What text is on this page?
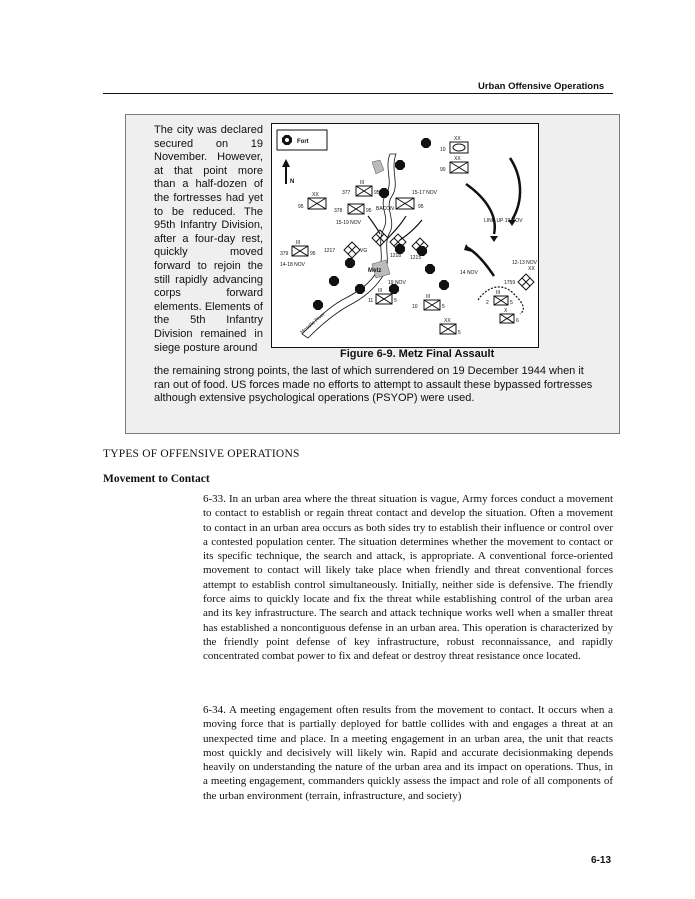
Urban Offensive Operations
The city was declared secured on 19 November. However, at that point more than a half-dozen of the fortresses had yet to be reduced. The 95th Infantry Division, after a four-day rest, quickly moved forward to rejoin the still rapidly advancing corps forward elements. Elements of the 5th Infantry Division remained in siege posture around
Fort
N
Moselle River
Metz
XX
10
XX
90
377
III
95	15-17 NOV
XX
95
378	95 BACON	95
15-19 NOV	LINK UP 19 NOV
III
379	95 1217	VG
1218 1215
14-18 NOV
14 NOV
12-13 NOV
XX
1759
19 NOV
III
11	5
III
10	5
XX
5
III
2	5
X
6
Figure 6-9. Metz Final Assault
the remaining strong points, the last of which surrendered on 19 December 1944 when it ran out of food. US forces made no efforts to attempt to assault these bypassed fortresses although extensive psychological operations (PSYOP) were used.
TYPES OF OFFENSIVE OPERATIONS
Movement to Contact
6-33. In an urban area where the threat situation is vague, Army forces conduct a movement to contact to establish or regain threat contact and develop the situation. Often a movement to contact in an urban area occurs as both sides try to establish their influence or control over a contested population center. The situation determines whether the movement to contact or its specific technique, the search and attack, is appropriate. A conventional force-oriented movement to contact will likely take place when friendly and threat conventional forces attempt to establish control simultaneously. Initially, neither side is defensive. The friendly force aims to quickly locate and fix the threat while establishing control of the urban area and its key infrastructure. The search and attack technique works well when a smaller threat has established a noncontiguous defense in an urban area. This operation is characterized by the friendly point defense of key infrastructure, robust reconnaissance, and rapidly concentrated combat power to fix and defeat or destroy threat resistance once located.
6-34. A meeting engagement often results from the movement to contact. It occurs when a moving force that is partially deployed for battle collides with and engages a threat at an unexpected time and place. In a meeting engagement in an urban area, the unit that reacts most quickly and decisively will likely win. Rapid and accurate decisionmaking depends heavily on understanding the nature of the urban area and its impact on operations. Thus, in a meeting engagement, commanders quickly assess the impact and role of all components of the urban environment (terrain, infrastructure, and society)
6-13
